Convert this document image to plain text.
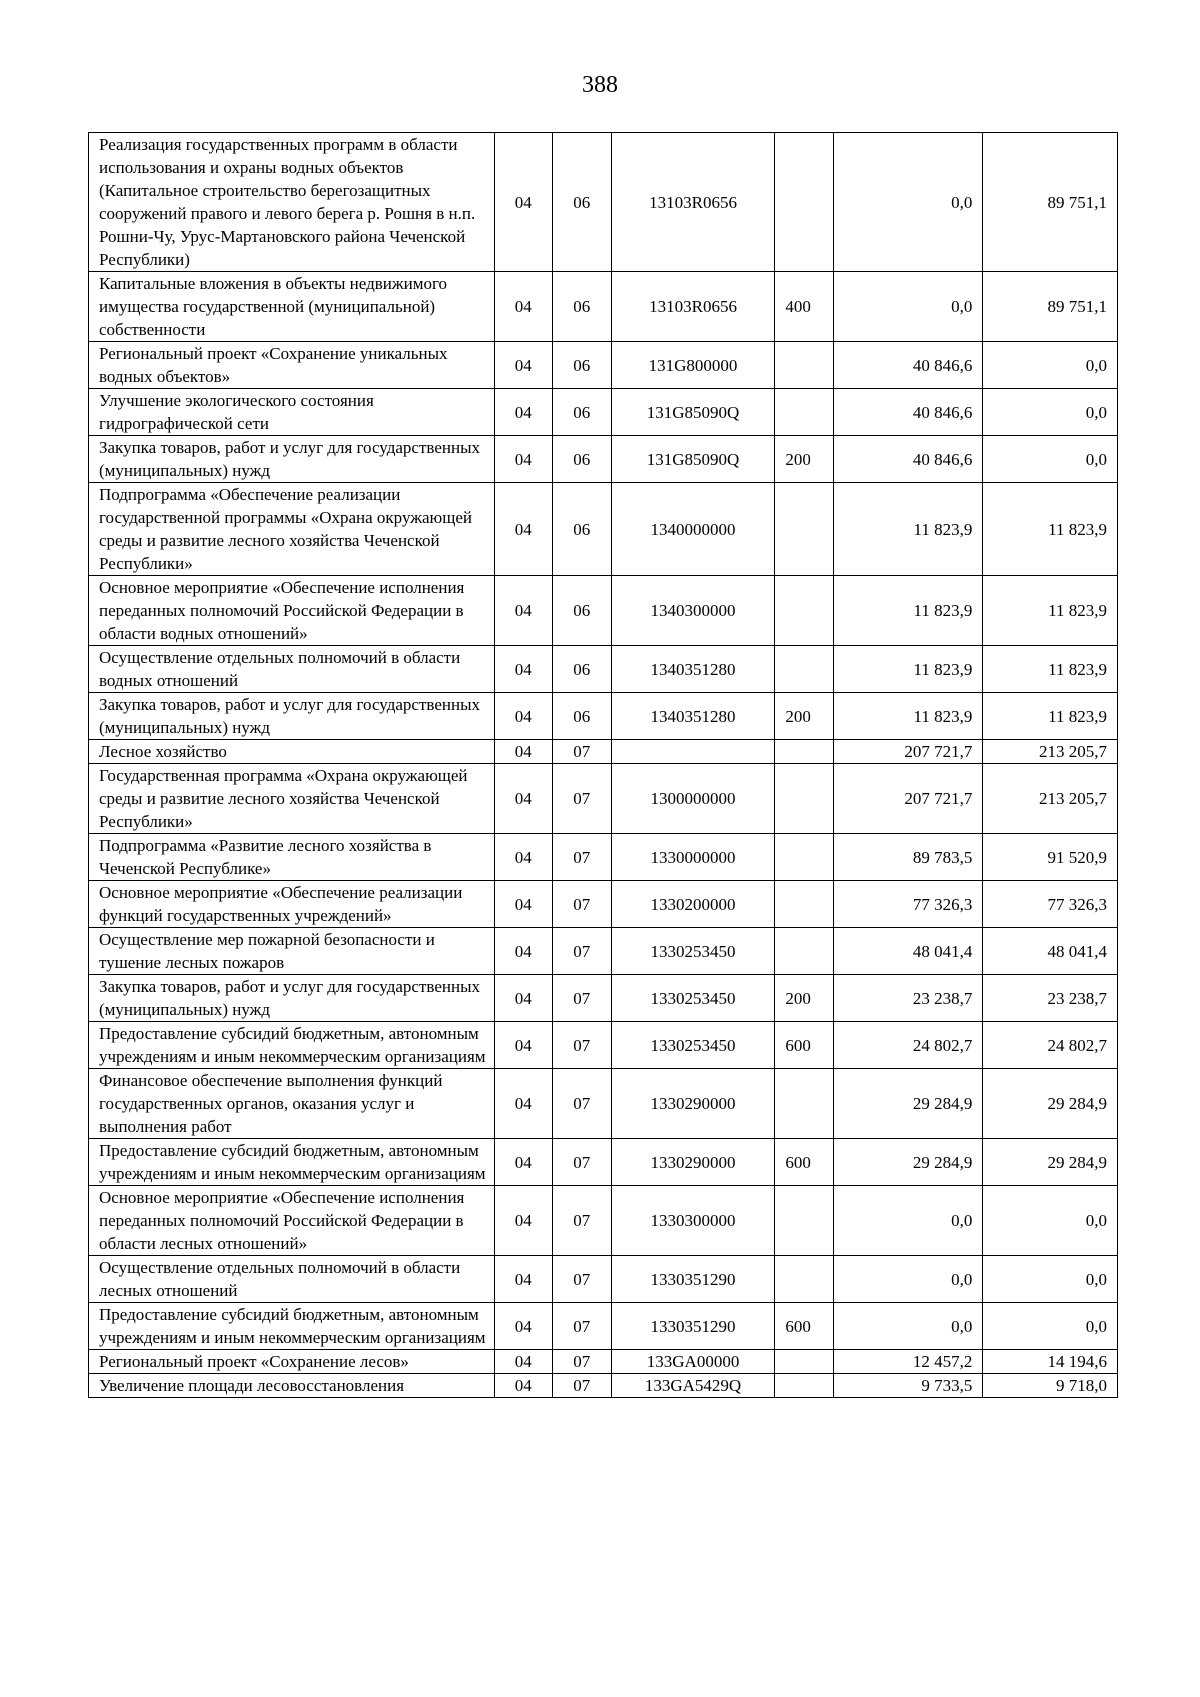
388
Реализация государственных программ в области использования и охраны водных объектов (Капитальное строительство берегозащитных сооружений правого и левого берега р. Рошня в н.п. Рошни-Чу, Урус-Мартановского района Чеченской Республики)	04	06	13103R0656		0,0	89 751,1
Капитальные вложения в объекты недвижимого имущества государственной (муниципальной) собственности	04	06	13103R0656	400	0,0	89 751,1
Региональный проект «Сохранение уникальных водных объектов»	04	06	131G800000		40 846,6	0,0
Улучшение экологического состояния гидрографической сети	04	06	131G85090Q		40 846,6	0,0
Закупка товаров, работ и услуг для государственных (муниципальных) нужд	04	06	131G85090Q	200	40 846,6	0,0
Подпрограмма «Обеспечение реализации государственной программы «Охрана окружающей среды и развитие лесного хозяйства Чеченской Республики»	04	06	1340000000		11 823,9	11 823,9
Основное мероприятие «Обеспечение исполнения переданных полномочий Российской Федерации в области водных отношений»	04	06	1340300000		11 823,9	11 823,9
Осуществление отдельных полномочий в области водных отношений	04	06	1340351280		11 823,9	11 823,9
Закупка товаров, работ и услуг для государственных (муниципальных) нужд	04	06	1340351280	200	11 823,9	11 823,9
Лесное хозяйство	04	07			207 721,7	213 205,7
Государственная программа «Охрана окружающей среды и развитие лесного хозяйства Чеченской Республики»	04	07	1300000000		207 721,7	213 205,7
Подпрограмма «Развитие лесного хозяйства в Чеченской Республике»	04	07	1330000000		89 783,5	91 520,9
Основное мероприятие «Обеспечение реализации функций государственных учреждений»	04	07	1330200000		77 326,3	77 326,3
Осуществление мер пожарной безопасности и тушение лесных пожаров	04	07	1330253450		48 041,4	48 041,4
Закупка товаров, работ и услуг для государственных (муниципальных) нужд	04	07	1330253450	200	23 238,7	23 238,7
Предоставление субсидий бюджетным, автономным учреждениям и иным некоммерческим организациям	04	07	1330253450	600	24 802,7	24 802,7
Финансовое обеспечение выполнения функций государственных органов, оказания услуг и выполнения работ	04	07	1330290000		29 284,9	29 284,9
Предоставление субсидий бюджетным, автономным учреждениям и иным некоммерческим организациям	04	07	1330290000	600	29 284,9	29 284,9
Основное мероприятие «Обеспечение исполнения переданных полномочий Российской Федерации в области лесных отношений»	04	07	1330300000		0,0	0,0
Осуществление отдельных полномочий в области лесных отношений	04	07	1330351290		0,0	0,0
Предоставление субсидий бюджетным, автономным учреждениям и иным некоммерческим организациям	04	07	1330351290	600	0,0	0,0
Региональный проект «Сохранение лесов»	04	07	133GA00000		12 457,2	14 194,6
Увеличение площади лесовосстановления	04	07	133GA5429Q		9 733,5	9 718,0
